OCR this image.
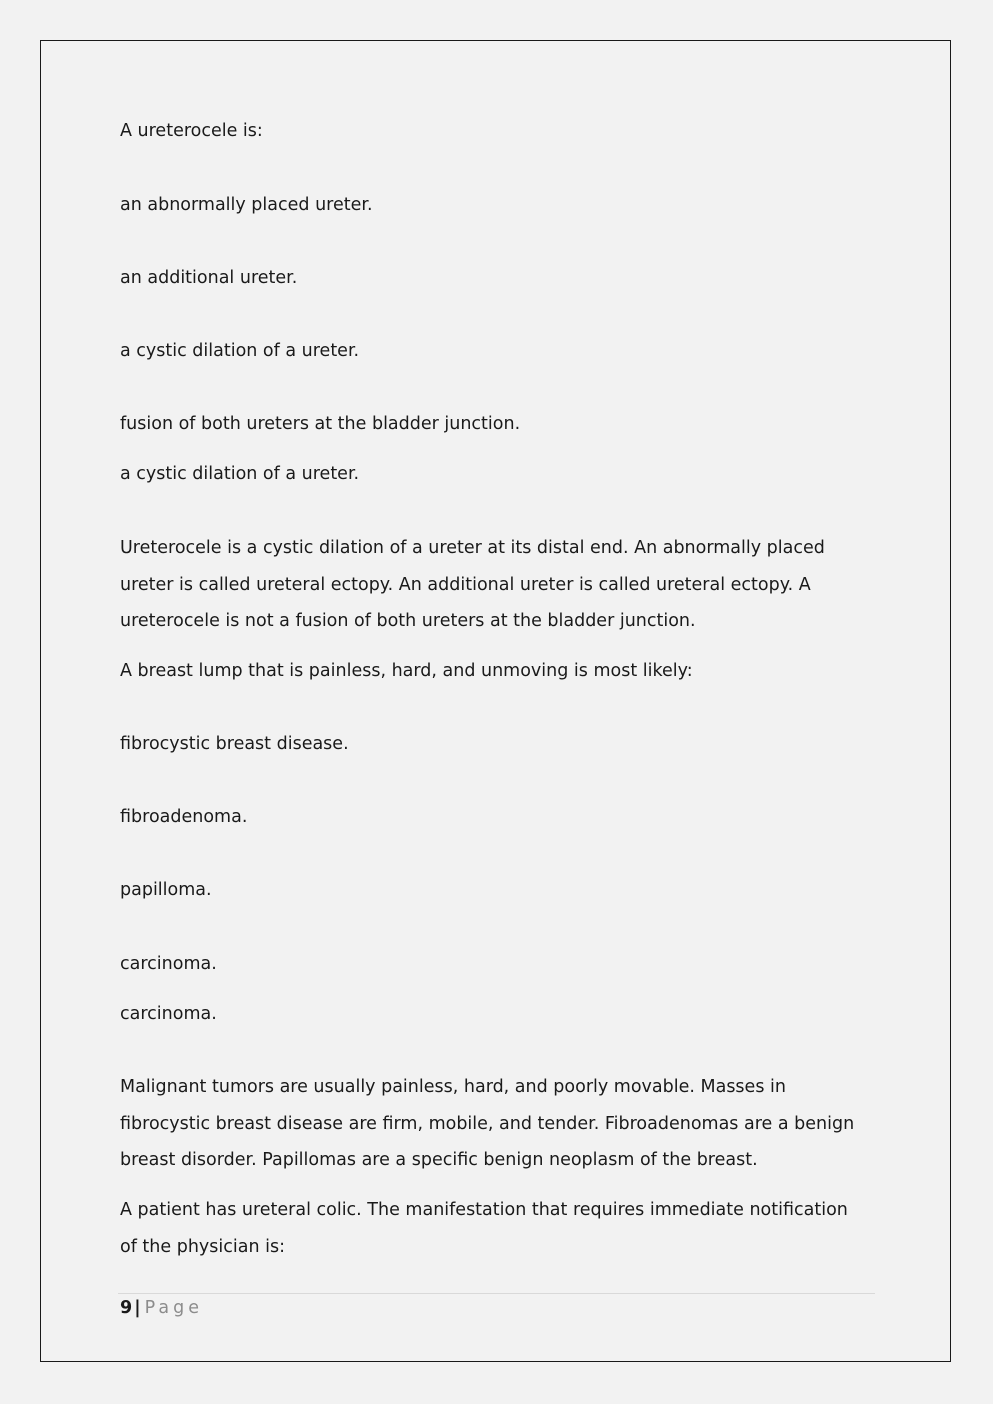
A ureterocele is:

an abnormally placed ureter.

an additional ureter.

a cystic dilation of a ureter.

fusion of both ureters at the bladder junction.

a cystic dilation of a ureter.

Ureterocele is a cystic dilation of a ureter at its distal end. An abnormally placed ureter is called ureteral ectopy. An additional ureter is called ureteral ectopy. A ureterocele is not a fusion of both ureters at the bladder junction.

A breast lump that is painless, hard, and unmoving is most likely:

fibrocystic breast disease.

fibroadenoma.

papilloma.

carcinoma.

carcinoma.

Malignant tumors are usually painless, hard, and poorly movable. Masses in fibrocystic breast disease are firm, mobile, and tender. Fibroadenomas are a benign breast disorder. Papillomas are a specific benign neoplasm of the breast.

A patient has ureteral colic. The manifestation that requires immediate notification of the physician is:

9 | Page
